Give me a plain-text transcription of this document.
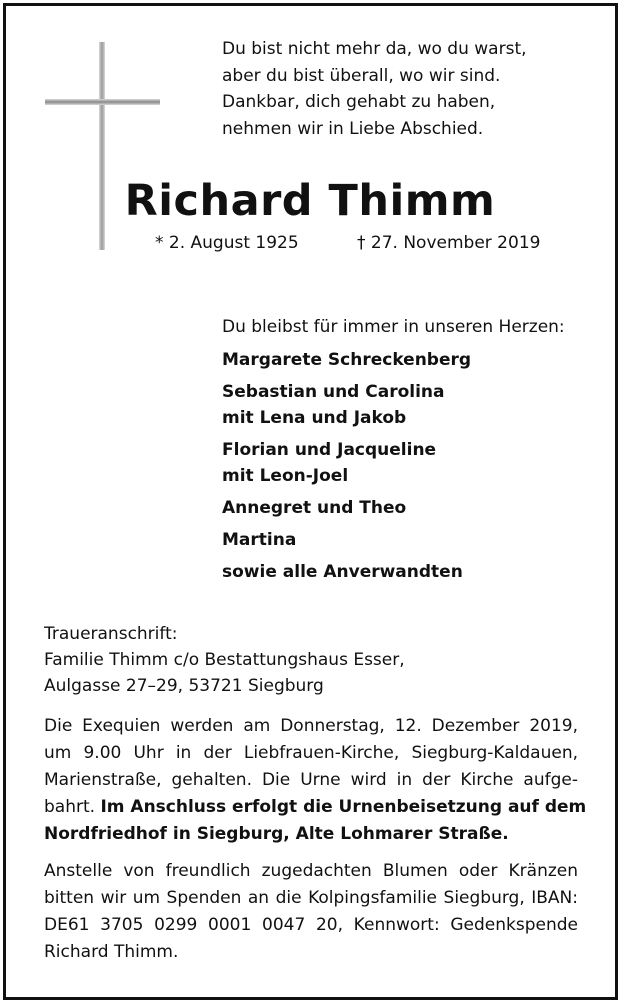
Du bist nicht mehr da, wo du warst,
aber du bist überall, wo wir sind.
Dankbar, dich gehabt zu haben,
nehmen wir in Liebe Abschied.
Richard Thimm
* 2. August 1925	† 27. November 2019
Du bleibst für immer in unseren Herzen:
Margarete Schreckenberg
Sebastian und Carolina
mit Lena und Jakob
Florian und Jacqueline
mit Leon-Joel
Annegret und Theo
Martina
sowie alle Anverwandten
Traueranschrift:
Familie Thimm c/o Bestattungshaus Esser,
Aulgasse 27–29, 53721 Siegburg
Die Exequien werden am Donnerstag, 12. Dezember 2019,
um 9.00 Uhr in der Liebfrauen-Kirche, Siegburg-Kaldauen,
Marienstraße, gehalten. Die Urne wird in der Kirche aufge-
bahrt. Im Anschluss erfolgt die Urnenbeisetzung auf dem
Nordfriedhof in Siegburg, Alte Lohmarer Straße.
Anstelle von freundlich zugedachten Blumen oder Kränzen
bitten wir um Spenden an die Kolpingsfamilie Siegburg, IBAN:
DE61 3705 0299 0001 0047 20, Kennwort: Gedenkspende
Richard Thimm.
